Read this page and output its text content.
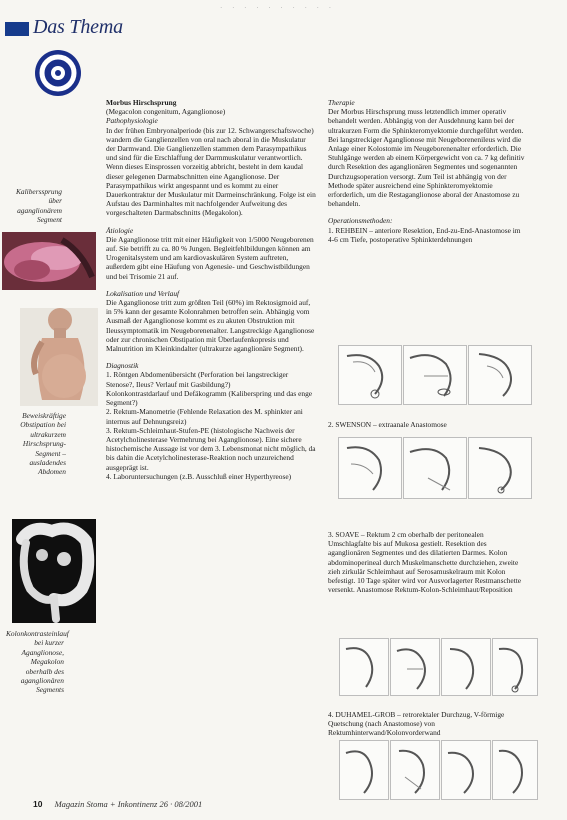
· · · · · · · · · ·
Das Thema
Kaliberssprung über aganglionärem Segment
Beweiskräftige Obstipation bei ultrakurzem Hirschsprung-Segment – ausladendes Abdomen
Kolonkontrasteinlauf bei kurzer Aganglionose, Megakolon oberhalb des aganglionären Segments

Morbus Hirschsprung

(Megacolon congenitum, Aganglionose)

Pathophysiologie

In der frühen Embryonalperiode (bis zur 12. Schwangerschaftswoche) wandern die Ganglienzellen von oral nach aboral in die Muskulatur der Darmwand. Die Ganglienzellen stammen dem Parasympathikus und sind für die Erschlaffung der Darmmuskulatur verantwortlich. Wenn dieses Einsprossen vorzeitig abbricht, besteht in dem kaudal dieser gelegenen Darmabschnitten eine Aganglionose. Der Parasympathikus wirkt angespannt und es kommt zu einer Dauerkontraktur der Muskulatur mit Darmeinschränkung. Folge ist ein Aufstau des Darminhaltes mit nachfolgender Aufweitung des vorgeschalteten Darmabschnitts (Megakolon).

Ätiologie

Die Aganglionose tritt mit einer Häufigkeit von 1/5000 Neugeborenen auf. Sie betrifft zu ca. 80 % Jungen. Begleitfehlbildungen können am Urogenitalsystem und am kardiovaskulären System auftreten, außerdem gibt eine Häufung von Agenesie- und Geschwistbildungen und bei Trisomie 21 auf.

Lokalisation und Verlauf

Die Aganglionose tritt zum größten Teil (60%) im Rektosigmoid auf, in 5% kann der gesamte Kolonrahmen betroffen sein. Abhängig vom Ausmaß der Aganglionose kommt es zu akuten Obstruktion mit Ileussymptomatik im Neugeborenenalter. Langstreckige Aganglionose oder zur chronischen Obstipation mit Überlaufenkopresis und Malnutrition im Kleinkindalter (ultrakurze aganglionäre Segment).

Diagnostik

1. Röntgen Abdomenübersicht (Perforation bei langstreckiger Stenose?, Ileus? Verlauf mit Gasbildung?)

Kolonkontrastdarlauf und Defäkogramm (Kaliberspring und das enge Segment?)

2. Rektum-Manometrie (Fehlende Relaxation des M. sphinkter ani internus auf Dehnungsreiz)

3. Rektum-Schleimhaut-Stufen-PE (histologische Nachweis der Acetylcholinesterase Vermehrung bei Aganglionose). Eine sichere histochemische Aussage ist vor dem 3. Lebensmonat nicht möglich, da bis dahin die Acetylcholinesterase-Reaktion noch unzureichend ausgeprägt ist.

4. Laboruntersuchungen (z.B. Ausschluß einer Hyperthyreose)

Therapie

Der Morbus Hirschsprung muss letztendlich immer operativ behandelt werden. Abhängig von der Ausdehnung kann bei der ultrakurzen Form die Sphinkteromyektomie durchgeführt werden. Bei langstreckiger Aganglionose mit Neugeborenenileus wird die Anlage einer Kolostomie im Neugeborenenalter erforderlich. Die Stuhlgänge werden ab einem Körpergewicht von ca. 7 kg definitiv durch Resektion des aganglionären Segmentes und sogenannten Durchzugsoperation versorgt. Zum Teil ist abhängig von der Methode später ausreichend eine Sphinkteromyektomie erforderlich, um die Restaganglionose aboral der Anastomose zu behandeln.

Operationsmethoden:

1. REHBEIN – anteriore Resektion, End-zu-End-Anastomose im 4-6 cm Tiefe, postoperative Sphinkterdehnungen

2. SWENSON – extraanale Anastomose
3. SOAVE – Rektum 2 cm oberhalb der peritonealen Umschlagfalte bis auf Mukosa gestielt. Resektion des aganglionären Segmentes und des dilatierten Darmes. Kolon abdominoperineal durch Muskelmanschette durchziehen, zweite zieh zirkulär Schleimhaut auf Serosamuskelraum mit Kolon befestigt. 10 Tage später wird vor Ausvorlagerter Restmanschette versenkt. Anastomose Rektum-Kolon-Schleimhaut/Reposition
4. DUHAMEL-GROB – retrorektaler Durchzug, V-förmige Quetschung (nach Anastomose) von Rektumhinterwand/Kolonvorderwand
10 Magazin Stoma + Inkontinenz 26 · 08/2001
